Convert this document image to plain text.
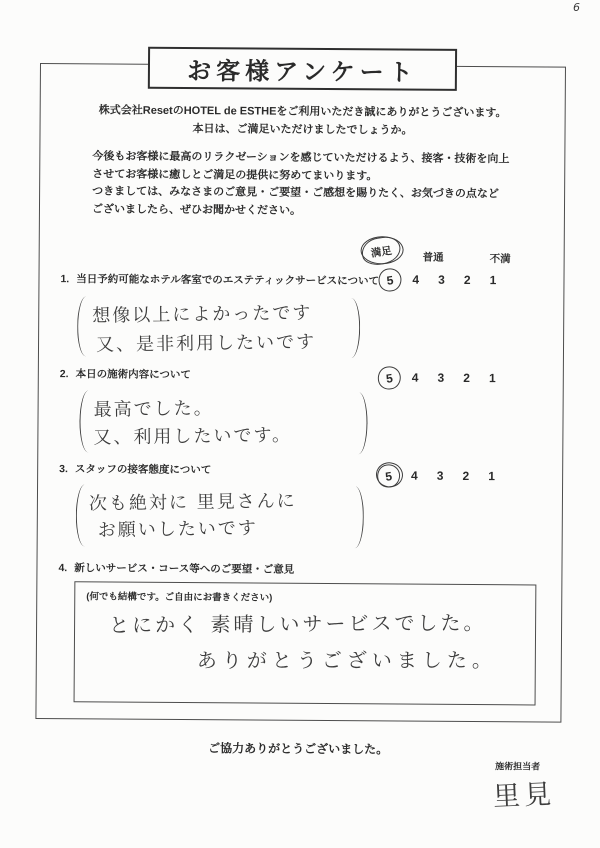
6
お客様アンケート
株式会社ResetのHOTEL de ESTHEをご利用いただき誠にありがとうございます。
本日は、ご満足いただけましたでしょうか。
今後もお客様に最高のリラクゼーションを感じていただけるよう、接客・技術を向上
させてお客様に癒しとご満足の提供に努めてまいります。
つきましては、みなさまのご意見・ご要望・ご感想を賜りたく、お気づきの点など
ございましたら、ぜひお聞かせください。
満足	普通	不満
1. 当日予約可能なホテル客室でのエステティックサービスについて 5	4	3	2	1
想像以上によかったです
又、是非利用したいです
2. 本日の施術内容について	5	4	3	2	1
最高でした。
又、利用したいです。
3. スタッフの接客態度について	5	4	3	2	1
次も絶対に 里見さんに
お願いしたいです
4. 新しいサービス・コース等へのご要望・ご意見
(何でも結構です。ご自由にお書きください)
とにかく 素晴しいサービスでした。
ありがとうございました。
ご協力ありがとうございました。
施術担当者
里見
